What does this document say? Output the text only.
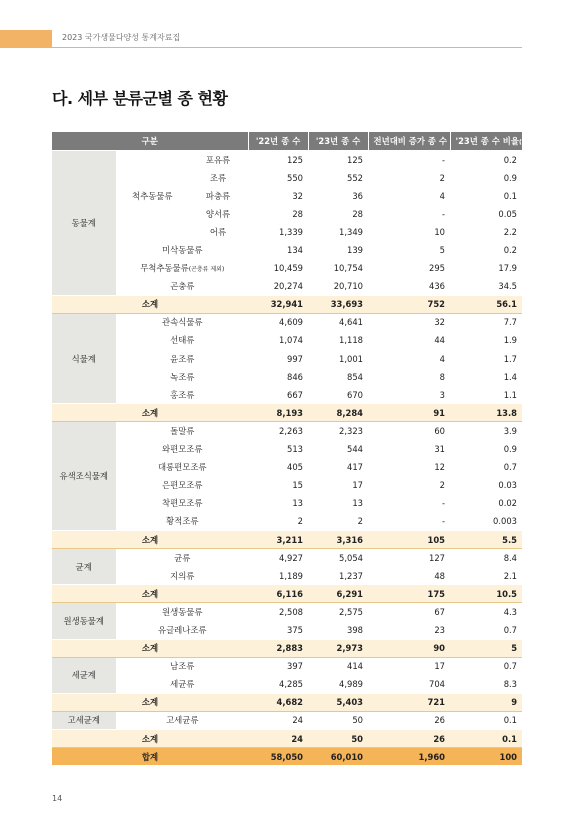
2023 국가생물다양성 통계자료집
다. 세부 분류군별 종 현황
구분			'22년 종 수	'23년 종 수	전년대비 증가 종 수	'23년 종 수 비율(%)
동물계	척추동물류	포유류	125	125	-	0.2
		조류	550	552	2	0.9
		파충류	32	36	4	0.1
		양서류	28	28	-	0.05
		어류	1,339	1,349	10	2.2
	미삭동물류		134	139	5	0.2
	무척추동물류(곤충류 제외)		10,459	10,754	295	17.9
	곤충류		20,274	20,710	436	34.5
소계			32,941	33,693	752	56.1
식물계	관속식물류		4,609	4,641	32	7.7
	선태류		1,074	1,118	44	1.9
	윤조류		997	1,001	4	1.7
	녹조류		846	854	8	1.4
	홍조류		667	670	3	1.1
소계			8,193	8,284	91	13.8
유색조식물계	돌말류		2,263	2,323	60	3.9
	와편모조류		513	544	31	0.9
	대롱편모조류		405	417	12	0.7
	은편모조류		15	17	2	0.03
	착편모조류		13	13	-	0.02
	황적조류		2	2	-	0.003
소계			3,211	3,316	105	5.5
균계	균류		4,927	5,054	127	8.4
	지의류		1,189	1,237	48	2.1
소계			6,116	6,291	175	10.5
원생동물계	원생동물류		2,508	2,575	67	4.3
	유글레나조류		375	398	23	0.7
소계			2,883	2,973	90	5
세균계	남조류		397	414	17	0.7
	세균류		4,285	4,989	704	8.3
소계			4,682	5,403	721	9
고세균계	고세균류		24	50	26	0.1
소계			24	50	26	0.1
합계			58,050	60,010	1,960	100
14
